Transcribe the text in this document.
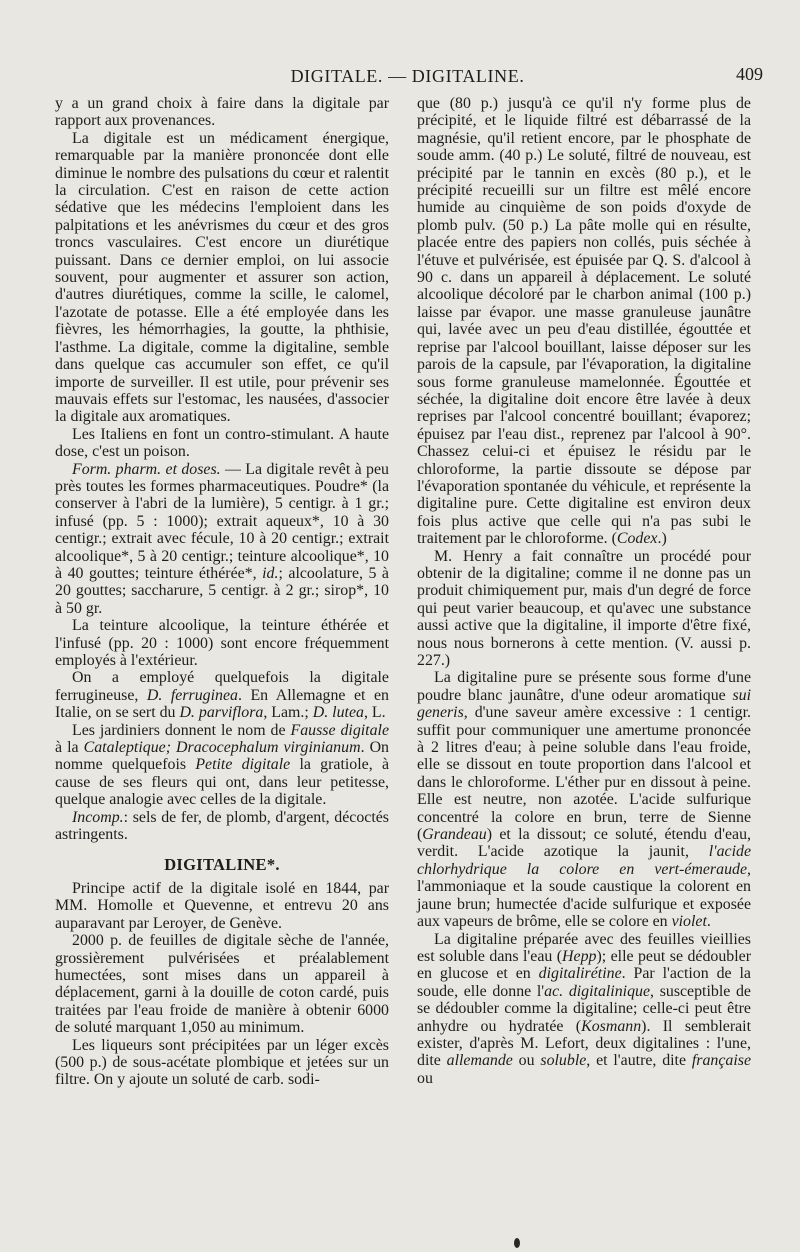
DIGITALE. — DIGITALINE.	409

y a un grand choix à faire dans la digitale par rapport aux provenances.

La digitale est un médicament énergique, remarquable par la manière prononcée dont elle diminue le nombre des pulsations du cœur et ralentit la circulation. C'est en raison de cette action sédative que les médecins l'emploient dans les palpitations et les anévrismes du cœur et des gros troncs vasculaires. C'est encore un diurétique puissant. Dans ce dernier emploi, on lui associe souvent, pour augmenter et assurer son action, d'autres diurétiques, comme la scille, le calomel, l'azotate de potasse. Elle a été employée dans les fièvres, les hémorrhagies, la goutte, la phthisie, l'asthme. La digitale, comme la digitaline, semble dans quelque cas accumuler son effet, ce qu'il importe de surveiller. Il est utile, pour prévenir ses mauvais effets sur l'estomac, les nausées, d'associer la digitale aux aromatiques.

Les Italiens en font un contro-stimulant. A haute dose, c'est un poison.

Form. pharm. et doses. — La digitale revêt à peu près toutes les formes pharmaceutiques. Poudre* (la conserver à l'abri de la lumière), 5 centigr. à 1 gr.; infusé (pp. 5 : 1000); extrait aqueux*, 10 à 30 centigr.; extrait avec fécule, 10 à 20 centigr.; extrait alcoolique*, 5 à 20 centigr.; teinture alcoolique*, 10 à 40 gouttes; teinture éthérée*, id.; alcoolature, 5 à 20 gouttes; saccharure, 5 centigr. à 2 gr.; sirop*, 10 à 50 gr.

La teinture alcoolique, la teinture éthérée et l'infusé (pp. 20 : 1000) sont encore fréquemment employés à l'extérieur.

On a employé quelquefois la digitale ferrugineuse, D. ferruginea. En Allemagne et en Italie, on se sert du D. parviflora, Lam.; D. lutea, L.

Les jardiniers donnent le nom de Fausse digitale à la Cataleptique; Dracocephalum virginianum. On nomme quelquefois Petite digitale la gratiole, à cause de ses fleurs qui ont, dans leur petitesse, quelque analogie avec celles de la digitale.

Incomp.: sels de fer, de plomb, d'argent, décoctés astringents.

DIGITALINE*.

Principe actif de la digitale isolé en 1844, par MM. Homolle et Quevenne, et entrevu 20 ans auparavant par Leroyer, de Genève.

2000 p. de feuilles de digitale sèche de l'année, grossièrement pulvérisées et préalablement humectées, sont mises dans un appareil à déplacement, garni à la douille de coton cardé, puis traitées par l'eau froide de manière à obtenir 6000 de soluté marquant 1,050 au minimum.

Les liqueurs sont précipitées par un léger excès (500 p.) de sous-acétate plombique et jetées sur un filtre. On y ajoute un soluté de carb. sodi-

que (80 p.) jusqu'à ce qu'il n'y forme plus de précipité, et le liquide filtré est débarrassé de la magnésie, qu'il retient encore, par le phosphate de soude amm. (40 p.) Le soluté, filtré de nouveau, est précipité par le tannin en excès (80 p.), et le précipité recueilli sur un filtre est mêlé encore humide au cinquième de son poids d'oxyde de plomb pulv. (50 p.) La pâte molle qui en résulte, placée entre des papiers non collés, puis séchée à l'étuve et pulvérisée, est épuisée par Q. S. d'alcool à 90 c. dans un appareil à déplacement. Le soluté alcoolique décoloré par le charbon animal (100 p.) laisse par évapor. une masse granuleuse jaunâtre qui, lavée avec un peu d'eau distillée, égouttée et reprise par l'alcool bouillant, laisse déposer sur les parois de la capsule, par l'évaporation, la digitaline sous forme granuleuse mamelonnée. Égouttée et séchée, la digitaline doit encore être lavée à deux reprises par l'alcool concentré bouillant; évaporez; épuisez par l'eau dist., reprenez par l'alcool à 90°. Chassez celui-ci et épuisez le résidu par le chloroforme, la partie dissoute se dépose par l'évaporation spontanée du véhicule, et représente la digitaline pure. Cette digitaline est environ deux fois plus active que celle qui n'a pas subi le traitement par le chloroforme. (Codex.)

M. Henry a fait connaître un procédé pour obtenir de la digitaline; comme il ne donne pas un produit chimiquement pur, mais d'un degré de force qui peut varier beaucoup, et qu'avec une substance aussi active que la digitaline, il importe d'être fixé, nous nous bornerons à cette mention. (V. aussi p. 227.)

La digitaline pure se présente sous forme d'une poudre blanc jaunâtre, d'une odeur aromatique sui generis, d'une saveur amère excessive : 1 centigr. suffit pour communiquer une amertume prononcée à 2 litres d'eau; à peine soluble dans l'eau froide, elle se dissout en toute proportion dans l'alcool et dans le chloroforme. L'éther pur en dissout à peine. Elle est neutre, non azotée. L'acide sulfurique concentré la colore en brun, terre de Sienne (Grandeau) et la dissout; ce soluté, étendu d'eau, verdit. L'acide azotique la jaunit, l'acide chlorhydrique la colore en vert-émeraude, l'ammoniaque et la soude caustique la colorent en jaune brun; humectée d'acide sulfurique et exposée aux vapeurs de brôme, elle se colore en violet.

La digitaline préparée avec des feuilles vieillies est soluble dans l'eau (Hepp); elle peut se dédoubler en glucose et en digitalirétine. Par l'action de la soude, elle donne l'ac. digitalinique, susceptible de se dédoubler comme la digitaline; celle-ci peut être anhydre ou hydratée (Kosmann). Il semblerait exister, d'après M. Lefort, deux digitalines : l'une, dite allemande ou soluble, et l'autre, dite française ou
